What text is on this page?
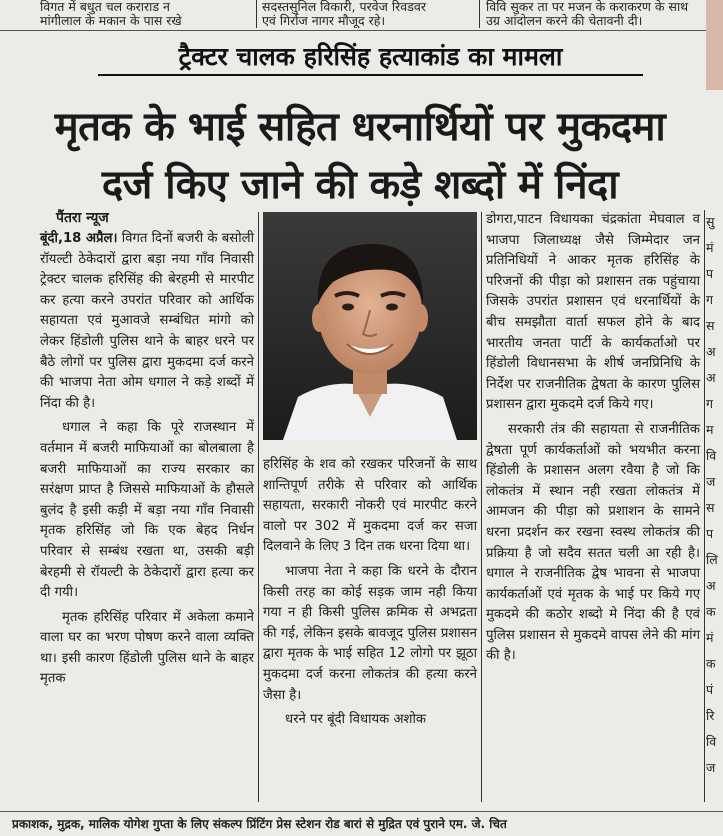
विगत में बधुत चल कराराड न
मांगीलाल के मकान के पास रखे
सदस्तसुनिल विकारी, परवेज रिवडवर
एवं गिर्राज नागर मौजूद रहे।
विवि सुकर ता पर मजन के कराकरण के साथ
उग्र आंदोलन करने की चेतावनी दी।
ट्रैक्टर चालक हरिसिंह हत्याकांड का मामला
मृतक के भाई सहित धरनार्थियों पर मुकदमा
दर्ज किए जाने की कड़े शब्दों में निंदा
पैंतरा न्यूज

बूंदी,18 अप्रैल। विगत दिनों बजरी के बसोली रॉयल्टी ठेकेदारों द्वारा बड़ा नया गाँव निवासी ट्रेक्टर चालक हरिसिंह की बेरहमी से मारपीट कर हत्या करने उपरांत परिवार को आर्थिक सहायता एवं मुआवजे सम्बंधित मांगो को लेकर हिंडोली पुलिस थाने के बाहर धरने पर बैठे लोगों पर पुलिस द्वारा मुकदमा दर्ज करने की भाजपा नेता ओम धगाल ने कड़े शब्दों में निंदा की है।

धगाल ने कहा कि पूरे राजस्थान में वर्तमान में बजरी माफियाओं का बोलबाला है बजरी माफियाओं का राज्य सरकार का सरंक्षण प्राप्त है जिससे माफियाओं के हौसले बुलंद है इसी कड़ी में बड़ा नया गाँव निवासी मृतक हरिसिंह जो कि एक बेहद निर्धन परिवार से सम्बंध रखता था, उसकी बड़ी बेरहमी से रॉयल्टी के ठेकेदारों द्वारा हत्या कर दी गयी।

मृतक हरिसिंह परिवार में अकेला कमाने वाला घर का भरण पोषण करने वाला व्यक्ति था। इसी कारण हिंडोली पुलिस थाने के बाहर मृतक

हरिसिंह के शव को रखकर परिजनों के साथ शान्तिपूर्ण तरीके से परिवार को आर्थिक सहायता, सरकारी नोकरी एवं मारपीट करने वालो पर 302 में मुकदमा दर्ज कर सजा दिलवाने के लिए 3 दिन तक धरना दिया था।

भाजपा नेता ने कहा कि धरने के दौरान किसी तरह का कोई सड़क जाम नही किया गया न ही किसी पुलिस क्रमिक से अभद्रता की गई, लेकिन इसके बावजूद पुलिस प्रशासन द्वारा मृतक के भाई सहित 12 लोगो पर झूठा मुकदमा दर्ज करना लोकतंत्र की हत्या करने जैसा है।

धरने पर बूंदी विधायक अशोक

डोगरा,पाटन विधायका चंद्रकांता मेघवाल व भाजपा जिलाध्यक्ष जैसे जिम्मेदार जन प्रतिनिधियों ने आकर मृतक हरिसिंह के परिजनों की पीड़ा को प्रशासन तक पहुंचाया जिसके उपरांत प्रशासन एवं धरनार्थियों के बीच समझौता वार्ता सफल होने के बाद भारतीय जनता पार्टी के कार्यकर्ताओ पर हिंडोली विधानसभा के शीर्ष जनप्रिनिधि के निर्देश पर राजनीतिक द्वेषता के कारण पुलिस प्रशासन द्वारा मुकदमे दर्ज किये गए।

सरकारी तंत्र की सहायता से राजनीतिक द्वेषता पूर्ण कार्यकर्ताओं को भयभीत करना हिंडोली के प्रशासन अलग रवैया है जो कि लोकतंत्र में स्थान नही रखता लोकतंत्र में आमजन की पीड़ा को प्रशाशन के सामने धरना प्रदर्शन कर रखना स्वस्थ लोकतंत्र की प्रक्रिया है जो सदैव सतत चली आ रही है। धगाल ने राजनीतिक द्वेष भावना से भाजपा कार्यकर्ताओं एवं मृतक के भाई पर किये गए मुकदमे की कठोर शब्दो मे निंदा की है एवं पुलिस प्रशासन से मुकदमे वापस लेने की मांग की है।

सु
मं
प
ग
स
अ
अ
ग
म
वि
ज
स
प
लि
अ
क
मं
क
पं
रि
वि
ज
प्रकाशक, मुद्रक, मालिक योगेश गुप्ता के लिए संकल्प प्रिंटिंग प्रेस स्टेशन रोड बारां से मुद्रित एवं पुराने एम. जे. चित
